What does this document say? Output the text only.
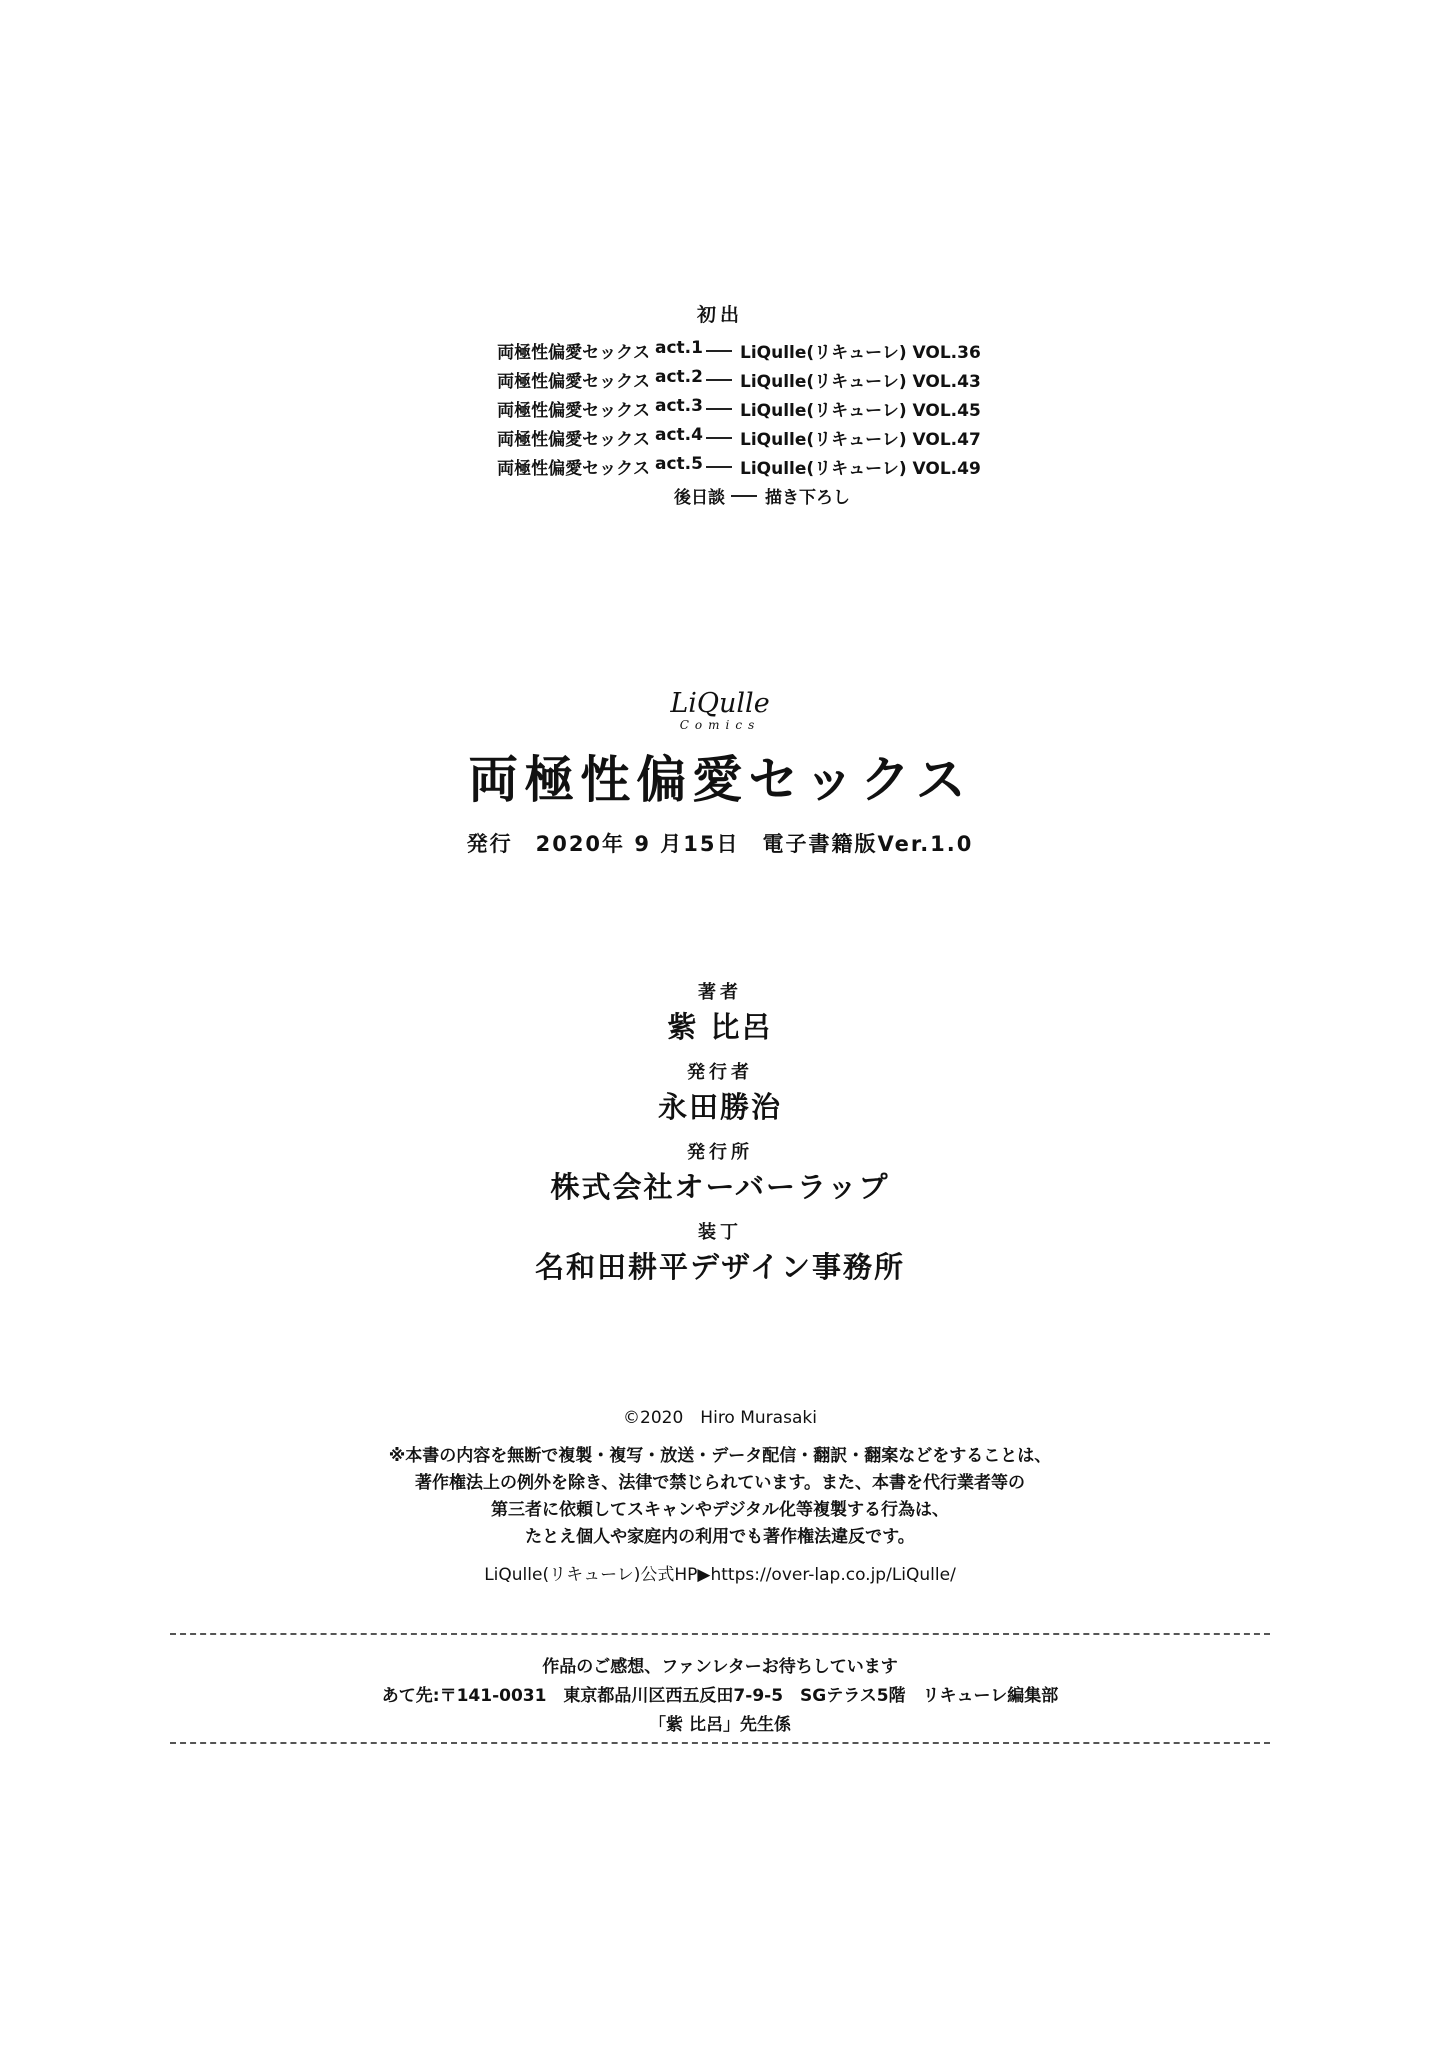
初出
両極性偏愛セックス act.1 LiQulle(リキューレ) VOL.36
両極性偏愛セックス act.2 LiQulle(リキューレ) VOL.43
両極性偏愛セックス act.3 LiQulle(リキューレ) VOL.45
両極性偏愛セックス act.4 LiQulle(リキューレ) VOL.47
両極性偏愛セックス act.5 LiQulle(リキューレ) VOL.49
後日談 描き下ろし
LiQulle
Comics
両極性偏愛セックス
発行　2020年 9 月15日　電子書籍版Ver.1.0
著者
紫 比呂
発行者
永田勝治
発行所
株式会社オーバーラップ
装丁
名和田耕平デザイン事務所
©2020　Hiro Murasaki
※本書の内容を無断で複製・複写・放送・データ配信・翻訳・翻案などをすることは、
著作権法上の例外を除き、法律で禁じられています。また、本書を代行業者等の
第三者に依頼してスキャンやデジタル化等複製する行為は、
たとえ個人や家庭内の利用でも著作権法違反です。
LiQulle(リキューレ)公式HP▶https://over-lap.co.jp/LiQulle/
作品のご感想、ファンレターお待ちしています
あて先:〒141-0031　東京都品川区西五反田7-9-5　SGテラス5階　リキューレ編集部
「紫 比呂」先生係
